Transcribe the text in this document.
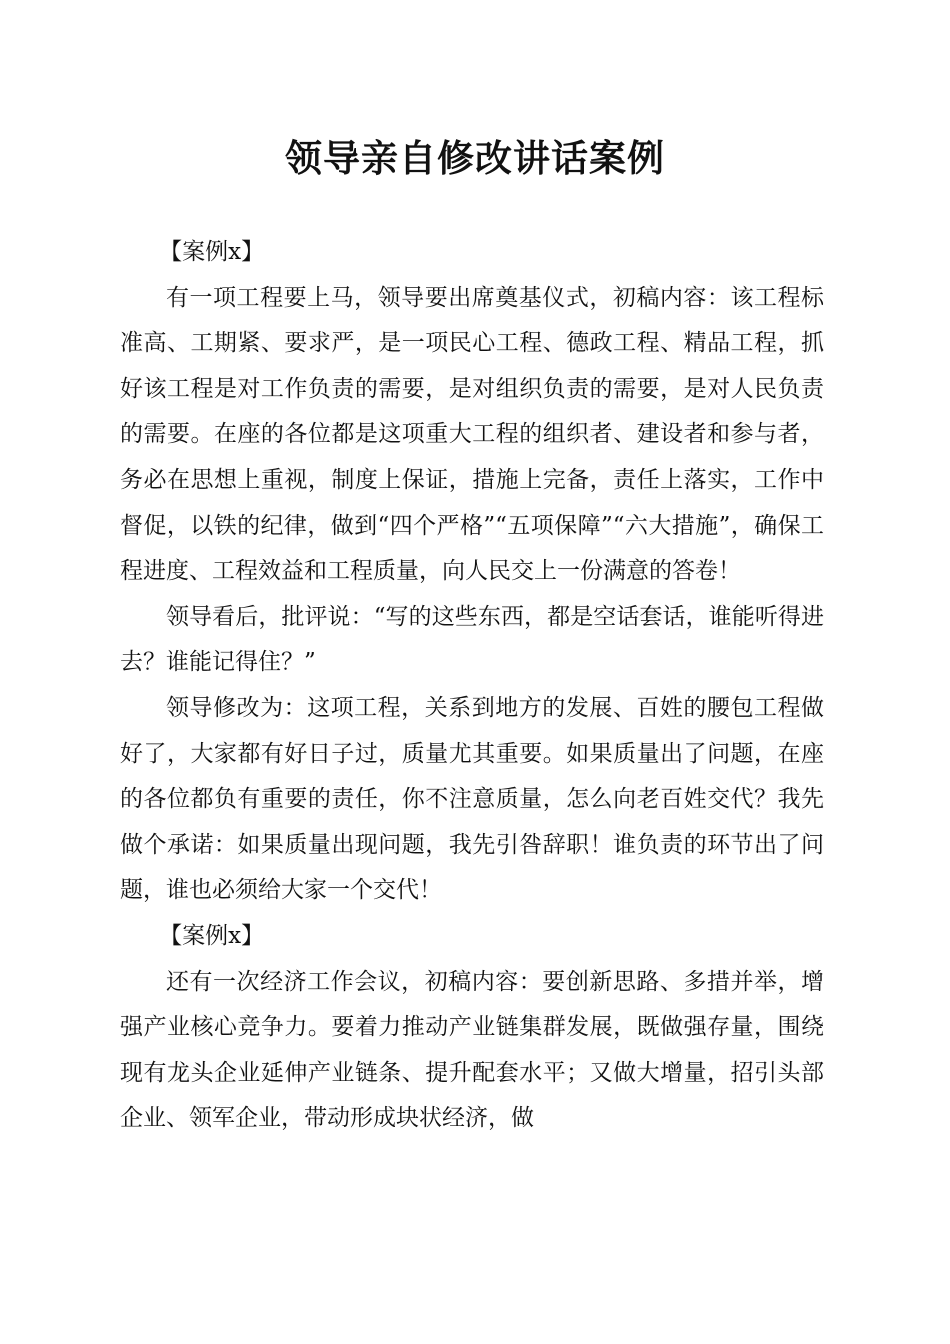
领导亲自修改讲话案例

【案例x】

有一项工程要上马，领导要出席奠基仪式，初稿内容：该工程标准高、工期紧、要求严，是一项民心工程、德政工程、精品工程，抓好该工程是对工作负责的需要，是对组织负责的需要，是对人民负责的需要。在座的各位都是这项重大工程的组织者、建设者和参与者，务必在思想上重视，制度上保证，措施上完备，责任上落实，工作中督促，以铁的纪律，做到“四个严格”“五项保障”“六大措施”，确保工程进度、工程效益和工程质量，向人民交上一份满意的答卷！

领导看后，批评说：“写的这些东西，都是空话套话，谁能听得进去？谁能记得住？”

领导修改为：这项工程，关系到地方的发展、百姓的腰包工程做好了，大家都有好日子过，质量尤其重要。如果质量出了问题，在座的各位都负有重要的责任，你不注意质量，怎么向老百姓交代？我先做个承诺：如果质量出现问题，我先引咎辞职！谁负责的环节出了问题，谁也必须给大家一个交代！

【案例x】

还有一次经济工作会议，初稿内容：要创新思路、多措并举，增强产业核心竞争力。要着力推动产业链集群发展，既做强存量，围绕现有龙头企业延伸产业链条、提升配套水平；又做大增量，招引头部企业、领军企业，带动形成块状经济，做
